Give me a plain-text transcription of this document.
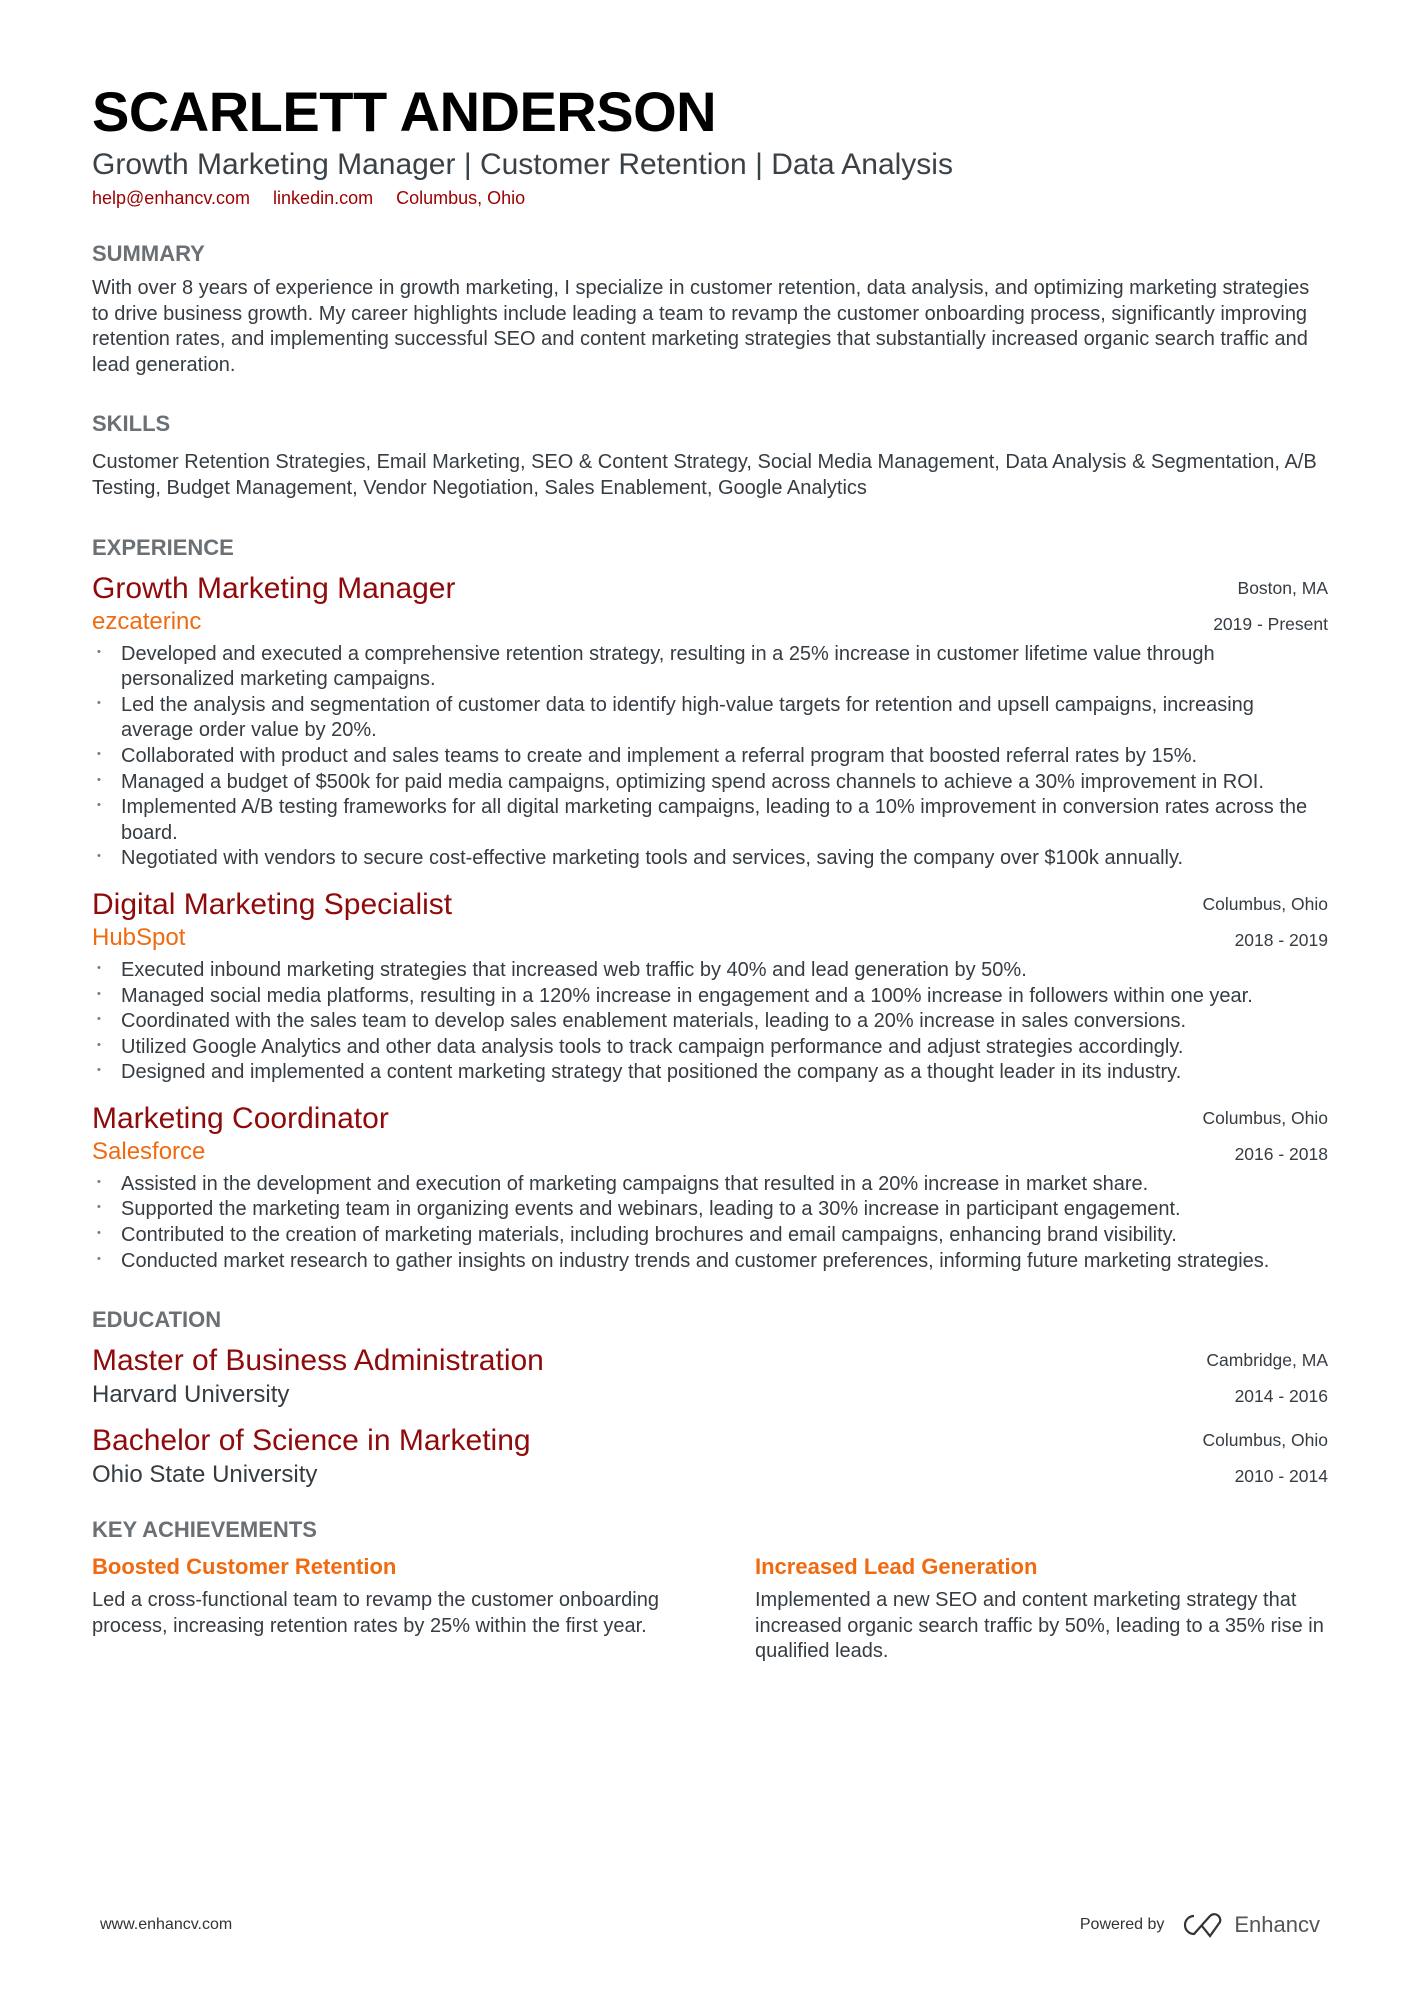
SCARLETT ANDERSON
Growth Marketing Manager | Customer Retention | Data Analysis
help@enhancv.com linkedin.com Columbus, Ohio
SUMMARY
With over 8 years of experience in growth marketing, I specialize in customer retention, data analysis, and optimizing marketing strategies to drive business growth. My career highlights include leading a team to revamp the customer onboarding process, significantly improving retention rates, and implementing successful SEO and content marketing strategies that substantially increased organic search traffic and lead generation.
SKILLS
Customer Retention Strategies, Email Marketing, SEO & Content Strategy, Social Media Management, Data Analysis & Segmentation, A/B Testing, Budget Management, Vendor Negotiation, Sales Enablement, Google Analytics
EXPERIENCE
Growth Marketing Manager
ezcaterinc
Boston, MA
2019 - Present
• Developed and executed a comprehensive retention strategy, resulting in a 25% increase in customer lifetime value through personalized marketing campaigns.
• Led the analysis and segmentation of customer data to identify high-value targets for retention and upsell campaigns, increasing average order value by 20%.
• Collaborated with product and sales teams to create and implement a referral program that boosted referral rates by 15%.
• Managed a budget of $500k for paid media campaigns, optimizing spend across channels to achieve a 30% improvement in ROI.
• Implemented A/B testing frameworks for all digital marketing campaigns, leading to a 10% improvement in conversion rates across the board.
• Negotiated with vendors to secure cost-effective marketing tools and services, saving the company over $100k annually.
Digital Marketing Specialist
HubSpot
Columbus, Ohio
2018 - 2019
• Executed inbound marketing strategies that increased web traffic by 40% and lead generation by 50%.
• Managed social media platforms, resulting in a 120% increase in engagement and a 100% increase in followers within one year.
• Coordinated with the sales team to develop sales enablement materials, leading to a 20% increase in sales conversions.
• Utilized Google Analytics and other data analysis tools to track campaign performance and adjust strategies accordingly.
• Designed and implemented a content marketing strategy that positioned the company as a thought leader in its industry.
Marketing Coordinator
Salesforce
Columbus, Ohio
2016 - 2018
• Assisted in the development and execution of marketing campaigns that resulted in a 20% increase in market share.
• Supported the marketing team in organizing events and webinars, leading to a 30% increase in participant engagement.
• Contributed to the creation of marketing materials, including brochures and email campaigns, enhancing brand visibility.
• Conducted market research to gather insights on industry trends and customer preferences, informing future marketing strategies.
EDUCATION
Master of Business Administration
Harvard University
Cambridge, MA
2014 - 2016
Bachelor of Science in Marketing
Ohio State University
Columbus, Ohio
2010 - 2014
KEY ACHIEVEMENTS
Boosted Customer Retention
Led a cross-functional team to revamp the customer onboarding process, increasing retention rates by 25% within the first year.
Increased Lead Generation
Implemented a new SEO and content marketing strategy that increased organic search traffic by 50%, leading to a 35% rise in qualified leads.
www.enhancv.com	Powered by	Enhancv
